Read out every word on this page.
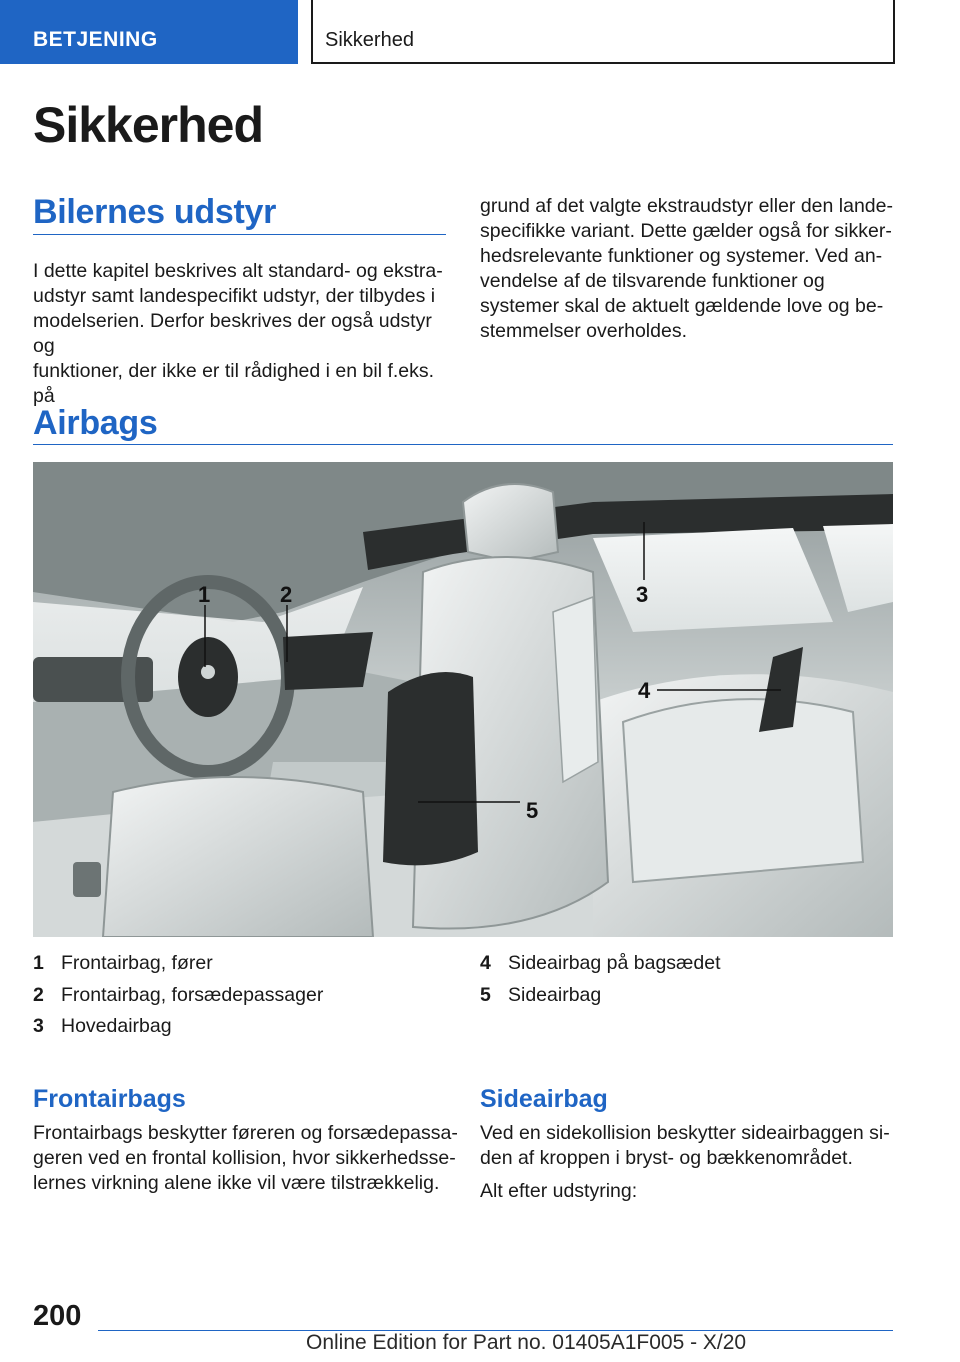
BETJENING	Sikkerhed
Sikkerhed
Bilernes udstyr
I dette kapitel beskrives alt standard- og ekstra-
udstyr samt landespecifikt udstyr, der tilbydes i
modelserien. Derfor beskrives der også udstyr og
funktioner, der ikke er til rådighed i en bil f.eks. på
grund af det valgte ekstraudstyr eller den lande-
specifikke variant. Dette gælder også for sikker-
hedsrelevante funktioner og systemer. Ved an-
vendelse af de tilsvarende funktioner og
systemer skal de aktuelt gældende love og be-
stemmelser overholdes.
Airbags
1	2	3
4
5
1 Frontairbag, fører
2 Frontairbag, forsædepassager
3 Hovedairbag
4 Sideairbag på bagsædet
5 Sideairbag
Frontairbags
Frontairbags beskytter føreren og forsædepassa-
geren ved en frontal kollision, hvor sikkerhedsse-
lernes virkning alene ikke vil være tilstrækkelig.
Sideairbag
Ved en sidekollision beskytter sideairbaggen si-
den af kroppen i bryst- og bækkenområdet.
Alt efter udstyring:
200
Online Edition for Part no. 01405A1F005 - X/20
